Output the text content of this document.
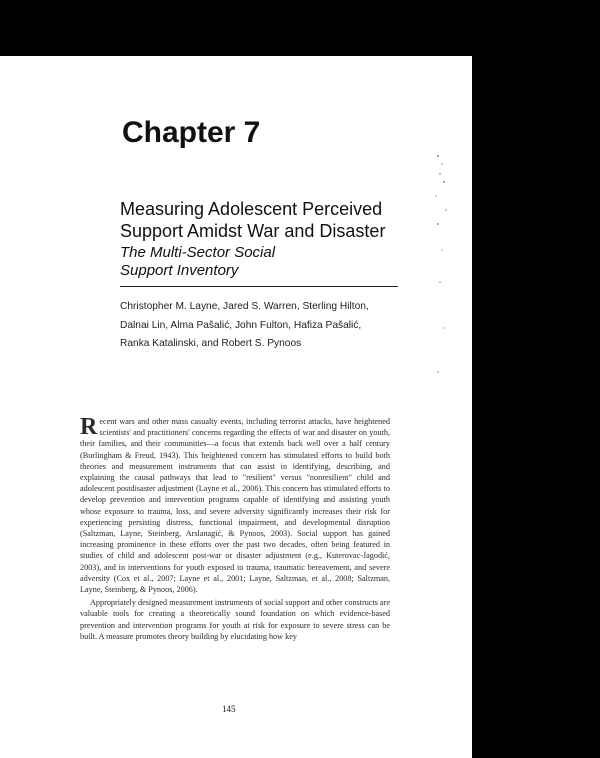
Chapter 7
Measuring Adolescent Perceived
Support Amidst War and Disaster
The Multi-Sector Social
Support Inventory
Christopher M. Layne, Jared S. Warren, Sterling Hilton,
Dalnai Lin, Alma Pašalić, John Fulton, Hafiza Pašalić,
Ranka Katalinski, and Robert S. Pynoos

Recent wars and other mass casualty events, including terrorist attacks, have heightened scientists' and practitioners' concerns regarding the effects of war and disaster on youth, their families, and their communities—a focus that extends back well over a half century (Burlingham & Freud, 1943). This heightened concern has stimulated efforts to build both theories and measurement instruments that can assist in identifying, describing, and explaining the causal pathways that lead to "resilient" versus "nonresilient" child and adolescent postdisaster adjustment (Layne et al., 2006). This concern has stimulated efforts to develop prevention and intervention programs capable of identifying and assisting youth whose exposure to trauma, loss, and severe adversity significantly increases their risk for experiencing persisting distress, functional impairment, and developmental disruption (Saltzman, Layne, Steinberg, Arslanagić, & Pynoos, 2003). Social support has gained increasing prominence in these efforts over the past two decades, often being featured in studies of child and adolescent post-war or disaster adjustment (e.g., Kuterovac-Jagodić, 2003), and in interventions for youth exposed to trauma, traumatic bereavement, and severe adversity (Cox et al., 2007; Layne et al., 2001; Layne, Saltzman, et al., 2008; Saltzman, Layne, Steinberg, & Pynoos, 2006).

Appropriately designed measurement instruments of social support and other constructs are valuable tools for creating a theoretically sound foundation on which evidence-based prevention and intervention programs for youth at risk for exposure to severe stress can be built. A measure promotes theory building by elucidating how key

145
